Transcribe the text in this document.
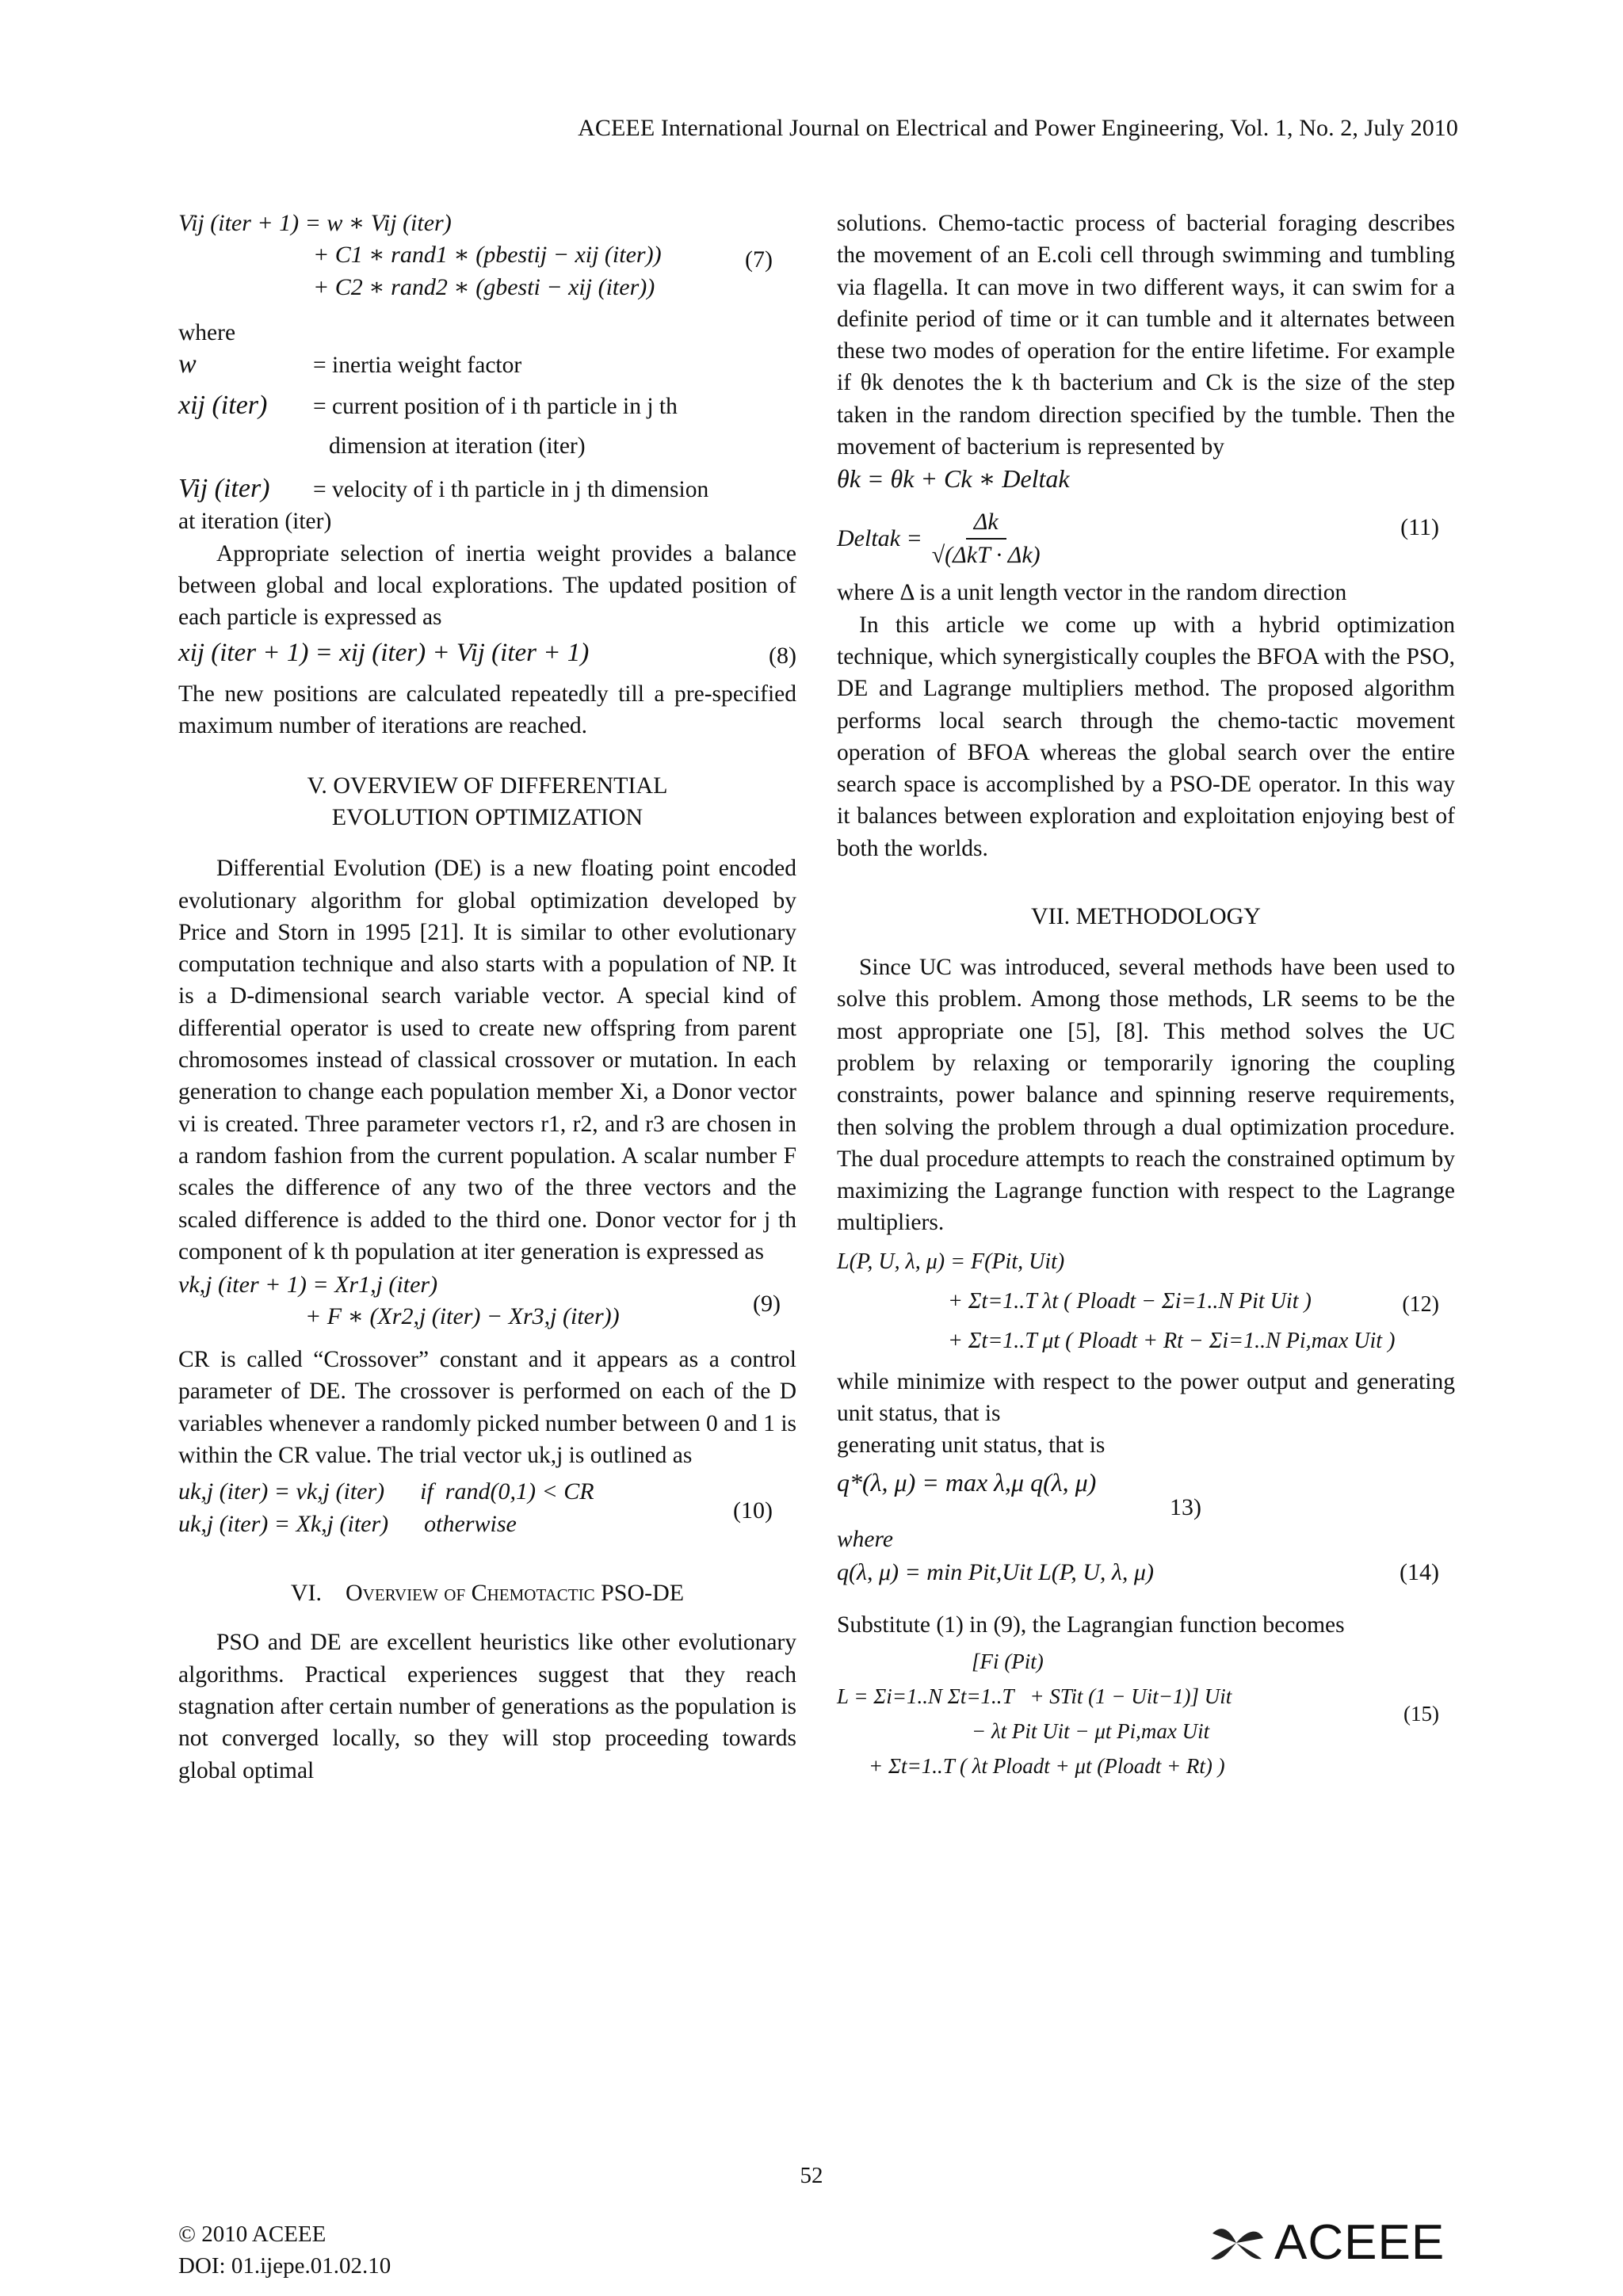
ACEEE International Journal on Electrical and Power Engineering, Vol. 1, No. 2, July 2010
Vij (iter + 1) = w ∗ Vij (iter)
+ C1 ∗ rand1 ∗ (pbestij − xij (iter))
+ C2 ∗ rand2 ∗ (gbesti − xij (iter))
(7)

where

w	= inertia weight factor
xij (iter)	= current position of i th particle in j th
dimension at iteration (iter)
Vij (iter)	= velocity of i th particle in j th dimension
at iteration (iter)

Appropriate selection of inertia weight provides a balance between global and local explorations. The updated position of each particle is expressed as

xij (iter + 1) = xij (iter) + Vij (iter + 1)	(8)

The new positions are calculated repeatedly till a pre-specified maximum number of iterations are reached.

V. OVERVIEW OF DIFFERENTIAL
EVOLUTION OPTIMIZATION

Differential Evolution (DE) is a new floating point encoded evolutionary algorithm for global optimization developed by Price and Storn in 1995 [21]. It is similar to other evolutionary computation technique and also starts with a population of NP. It is a D-dimensional search variable vector. A special kind of differential operator is used to create new offspring from parent chromosomes instead of classical crossover or mutation. In each generation to change each population member Xi, a Donor vector vi is created. Three parameter vectors r1, r2, and r3 are chosen in a random fashion from the current population. A scalar number F scales the difference of any two of the three vectors and the scaled difference is added to the third one. Donor vector for j th component of k th population at iter generation is expressed as

vk,j (iter + 1) = Xr1,j (iter)
+ F ∗ (Xr2,j (iter) − Xr3,j (iter))	(9)

CR is called “Crossover” constant and it appears as a control parameter of DE. The crossover is performed on each of the D variables whenever a randomly picked number between 0 and 1 is within the CR value. The trial vector uk,j is outlined as

uk,j (iter) = vk,j (iter)      if  rand(0,1) < CR
uk,j (iter) = Xk,j (iter)      otherwise	(10)
VI. Overview of Chemotactic PSO-DE

PSO and DE are excellent heuristics like other evolutionary algorithms. Practical experiences suggest that they reach stagnation after certain number of generations as the population is not converged locally, so they will stop proceeding towards global optimal

solutions. Chemo-tactic process of bacterial foraging describes the movement of an E.coli cell through swimming and tumbling via flagella. It can move in two different ways, it can swim for a definite period of time or it can tumble and it alternates between these two modes of operation for the entire lifetime. For example if θk denotes the k th bacterium and Ck is the size of the step taken in the random direction specified by the tumble. Then the movement of bacterium is represented by

θk = θk + Ck ∗ Deltak
Deltak = $\frac{\Delta k}{\text{√(ΔkT · Δk)}}$	(11)

where Δ is a unit length vector in the random direction

In this article we come up with a hybrid optimization technique, which synergistically couples the BFOA with the PSO, DE and Lagrange multipliers method. The proposed algorithm performs local search through the chemo-tactic movement operation of BFOA whereas the global search over the entire search space is accomplished by a PSO-DE operator. In this way it balances between exploration and exploitation enjoying best of both the worlds.

VII. METHODOLOGY

Since UC was introduced, several methods have been used to solve this problem. Among those methods, LR seems to be the most appropriate one [5], [8]. This method solves the UC problem by relaxing or temporarily ignoring the coupling constraints, power balance and spinning reserve requirements, then solving the problem through a dual optimization procedure. The dual procedure attempts to reach the constrained optimum by maximizing the Lagrange function with respect to the Lagrange multipliers.

L(P, U, λ, μ) = F(Pit, Uit)
+ Σt=1..T λt ( Ploadt − Σi=1..N Pit Uit )
+ Σt=1..T μt ( Ploadt + Rt − Σi=1..N Pi,max Uit )
(12)

while minimize with respect to the power output and generating unit status, that is

generating unit status, that is

q*(λ, μ) = max λ,μ q(λ, μ)
13)

where

q(λ, μ) = min Pit,Uit L(P, U, λ, μ)	(14)

Substitute (1) in (9), the Lagrangian function becomes

[Fi (Pit)
L = Σi=1..N Σt=1..T   + STit (1 − Uit−1)] Uit
− λt Pit Uit − μt Pi,max Uit
+ Σt=1..T ( λt Ploadt + μt (Ploadt + Rt) )
(15)
52
© 2010 ACEEE
DOI: 01.ijepe.01.02.10	ACEEE
